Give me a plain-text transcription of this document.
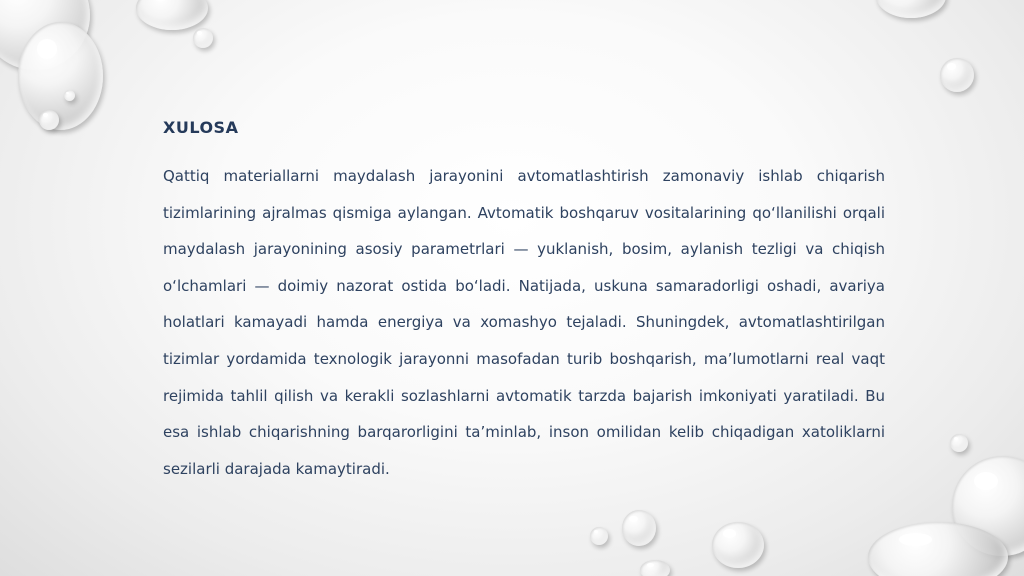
XULOSA

Qattiq materiallarni maydalash jarayonini avtomatlashtirish zamonaviy ishlab chiqarish tizimlarining ajralmas qismiga aylangan. Avtomatik boshqaruv vositalarining qo‘llanilishi orqali maydalash jarayonining asosiy parametrlari — yuklanish, bosim, aylanish tezligi va chiqish o‘lchamlari — doimiy nazorat ostida bo‘ladi. Natijada, uskuna samaradorligi oshadi, avariya holatlari kamayadi hamda energiya va xomashyo tejaladi. Shuningdek, avtomatlashtirilgan tizimlar yordamida texnologik jarayonni masofadan turib boshqarish, ma’lumotlarni real vaqt rejimida tahlil qilish va kerakli sozlashlarni avtomatik tarzda bajarish imkoniyati yaratiladi. Bu esa ishlab chiqarishning barqarorligini ta’minlab, inson omilidan kelib chiqadigan xatoliklarni sezilarli darajada kamaytiradi.
